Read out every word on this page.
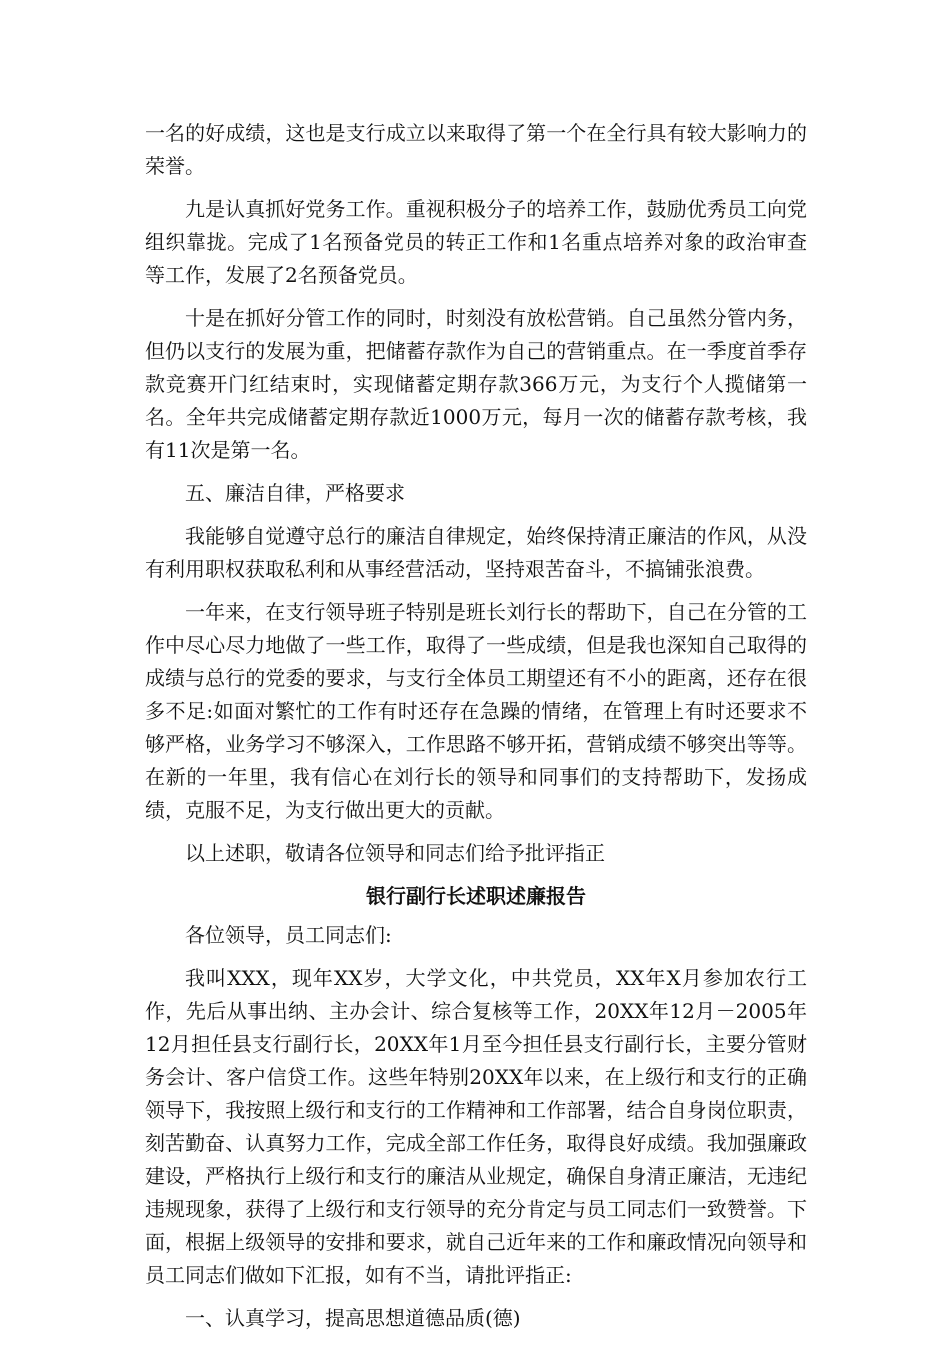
一名的好成绩，这也是支行成立以来取得了第一个在全行具有较大影响力的荣誉。

九是认真抓好党务工作。重视积极分子的培养工作，鼓励优秀员工向党组织靠拢。完成了1名预备党员的转正工作和1名重点培养对象的政治审查等工作，发展了2名预备党员。

十是在抓好分管工作的同时，时刻没有放松营销。自己虽然分管内务，但仍以支行的发展为重，把储蓄存款作为自己的营销重点。在一季度首季存款竞赛开门红结束时，实现储蓄定期存款366万元，为支行个人揽储第一名。全年共完成储蓄定期存款近1000万元，每月一次的储蓄存款考核，我有11次是第一名。

五、廉洁自律，严格要求

我能够自觉遵守总行的廉洁自律规定，始终保持清正廉洁的作风，从没有利用职权获取私利和从事经营活动，坚持艰苦奋斗，不搞铺张浪费。

一年来，在支行领导班子特别是班长刘行长的帮助下，自己在分管的工作中尽心尽力地做了一些工作，取得了一些成绩，但是我也深知自己取得的成绩与总行的党委的要求，与支行全体员工期望还有不小的距离，还存在很多不足:如面对繁忙的工作有时还存在急躁的情绪，在管理上有时还要求不够严格，业务学习不够深入，工作思路不够开拓，营销成绩不够突出等等。在新的一年里，我有信心在刘行长的领导和同事们的支持帮助下，发扬成绩，克服不足，为支行做出更大的贡献。

以上述职，敬请各位领导和同志们给予批评指正

银行副行长述职述廉报告

各位领导，员工同志们:

我叫XXX，现年XX岁，大学文化，中共党员，XX年X月参加农行工作，先后从事出纳、主办会计、综合复核等工作，20XX年12月－2005年12月担任县支行副行长，20XX年1月至今担任县支行副行长，主要分管财务会计、客户信贷工作。这些年特别20XX年以来，在上级行和支行的正确领导下，我按照上级行和支行的工作精神和工作部署，结合自身岗位职责，刻苦勤奋、认真努力工作，完成全部工作任务，取得良好成绩。我加强廉政建设，严格执行上级行和支行的廉洁从业规定，确保自身清正廉洁，无违纪违规现象，获得了上级行和支行领导的充分肯定与员工同志们一致赞誉。下面，根据上级领导的安排和要求，就自己近年来的工作和廉政情况向领导和员工同志们做如下汇报，如有不当，请批评指正:

一、认真学习，提高思想道德品质(德)
